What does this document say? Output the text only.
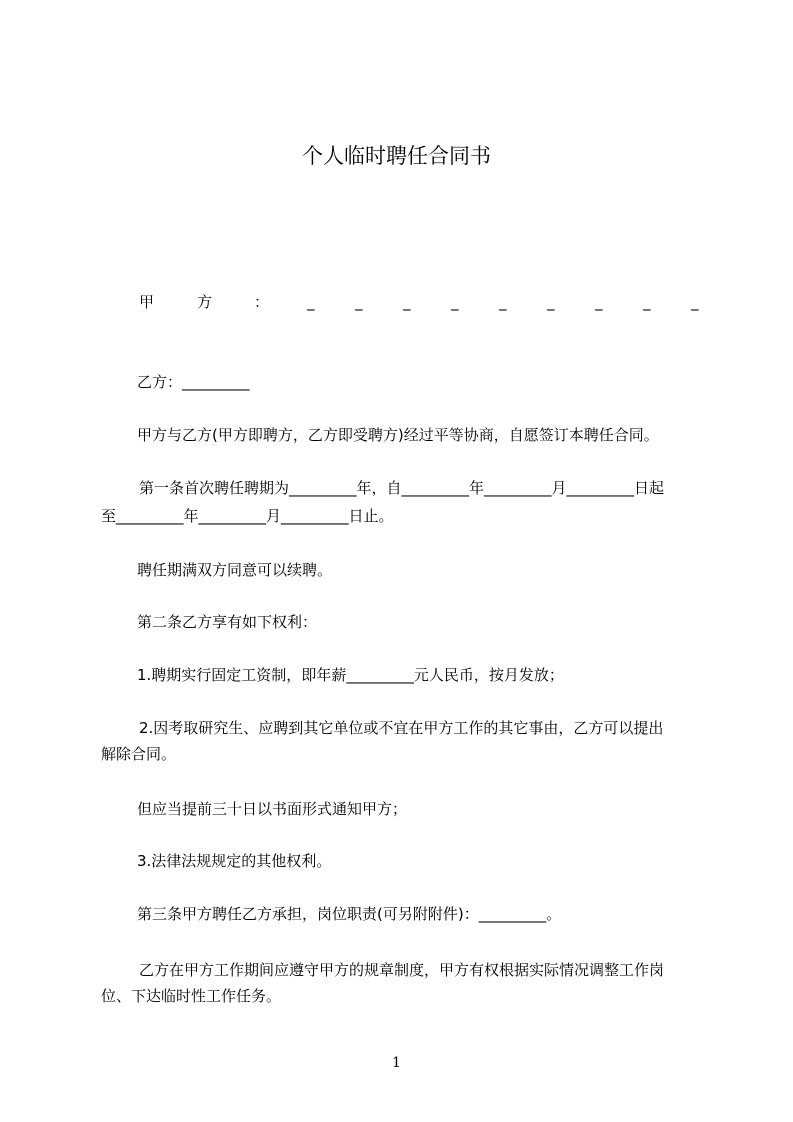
个人临时聘任合同书
甲	方	：	_	_	_	_	_	_	_	_	_
乙方：_________
甲方与乙方(甲方即聘方，乙方即受聘方)经过平等协商，自愿签订本聘任合同。
第一条首次聘任聘期为_________年，自_________年_________月_________日起
至_________年_________月_________日止。
聘任期满双方同意可以续聘。
第二条乙方享有如下权利：
1.聘期实行固定工资制，即年薪_________元人民币，按月发放；
2.因考取研究生、应聘到其它单位或不宜在甲方工作的其它事由，乙方可以提出
解除合同。
但应当提前三十日以书面形式通知甲方；
3.法律法规规定的其他权利。
第三条甲方聘任乙方承担，岗位职责(可另附附件)：_________。
乙方在甲方工作期间应遵守甲方的规章制度，甲方有权根据实际情况调整工作岗
位、下达临时性工作任务。
1
